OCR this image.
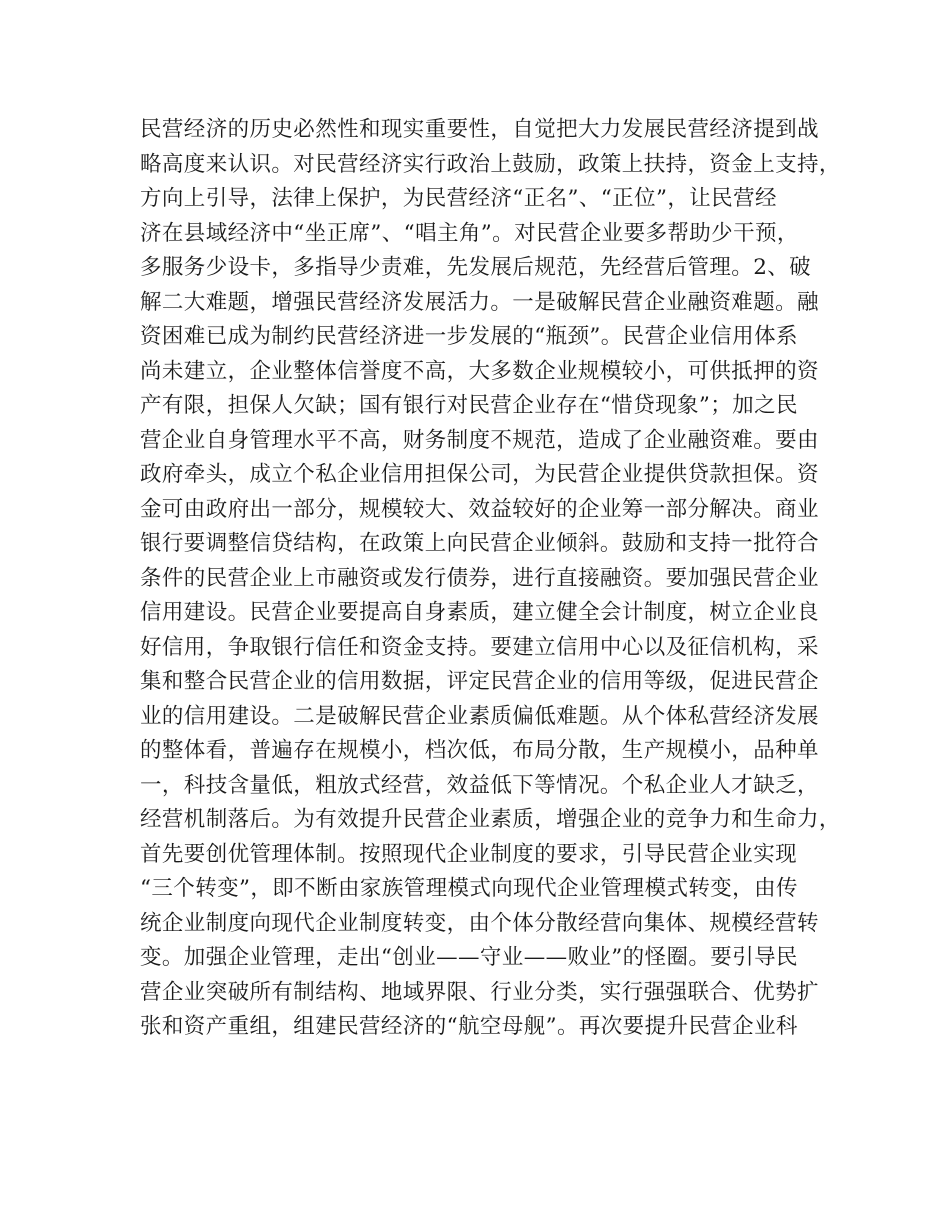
民营经济的历史必然性和现实重要性，自觉把大力发展民营经济提到战
略高度来认识。对民营经济实行政治上鼓励，政策上扶持，资金上支持，
方向上引导，法律上保护，为民营经济“正名”、“正位”，让民营经
济在县域经济中“坐正席”、“唱主角”。对民营企业要多帮助少干预，
多服务少设卡，多指导少责难，先发展后规范，先经营后管理。2、破
解二大难题，增强民营经济发展活力。一是破解民营企业融资难题。融
资困难已成为制约民营经济进一步发展的“瓶颈”。民营企业信用体系
尚未建立，企业整体信誉度不高，大多数企业规模较小，可供抵押的资
产有限，担保人欠缺；国有银行对民营企业存在“惜贷现象”；加之民
营企业自身管理水平不高，财务制度不规范，造成了企业融资难。要由
政府牵头，成立个私企业信用担保公司，为民营企业提供贷款担保。资
金可由政府出一部分，规模较大、效益较好的企业筹一部分解决。商业
银行要调整信贷结构，在政策上向民营企业倾斜。鼓励和支持一批符合
条件的民营企业上市融资或发行债券，进行直接融资。要加强民营企业
信用建设。民营企业要提高自身素质，建立健全会计制度，树立企业良
好信用，争取银行信任和资金支持。要建立信用中心以及征信机构，采
集和整合民营企业的信用数据，评定民营企业的信用等级，促进民营企
业的信用建设。二是破解民营企业素质偏低难题。从个体私营经济发展
的整体看，普遍存在规模小，档次低，布局分散，生产规模小，品种单
一，科技含量低，粗放式经营，效益低下等情况。个私企业人才缺乏，
经营机制落后。为有效提升民营企业素质，增强企业的竞争力和生命力，
首先要创优管理体制。按照现代企业制度的要求，引导民营企业实现
“三个转变”，即不断由家族管理模式向现代企业管理模式转变，由传
统企业制度向现代企业制度转变，由个体分散经营向集体、规模经营转
变。加强企业管理，走出“创业——守业——败业”的怪圈。要引导民
营企业突破所有制结构、地域界限、行业分类，实行强强联合、优势扩
张和资产重组，组建民营经济的“航空母舰”。再次要提升民营企业科
